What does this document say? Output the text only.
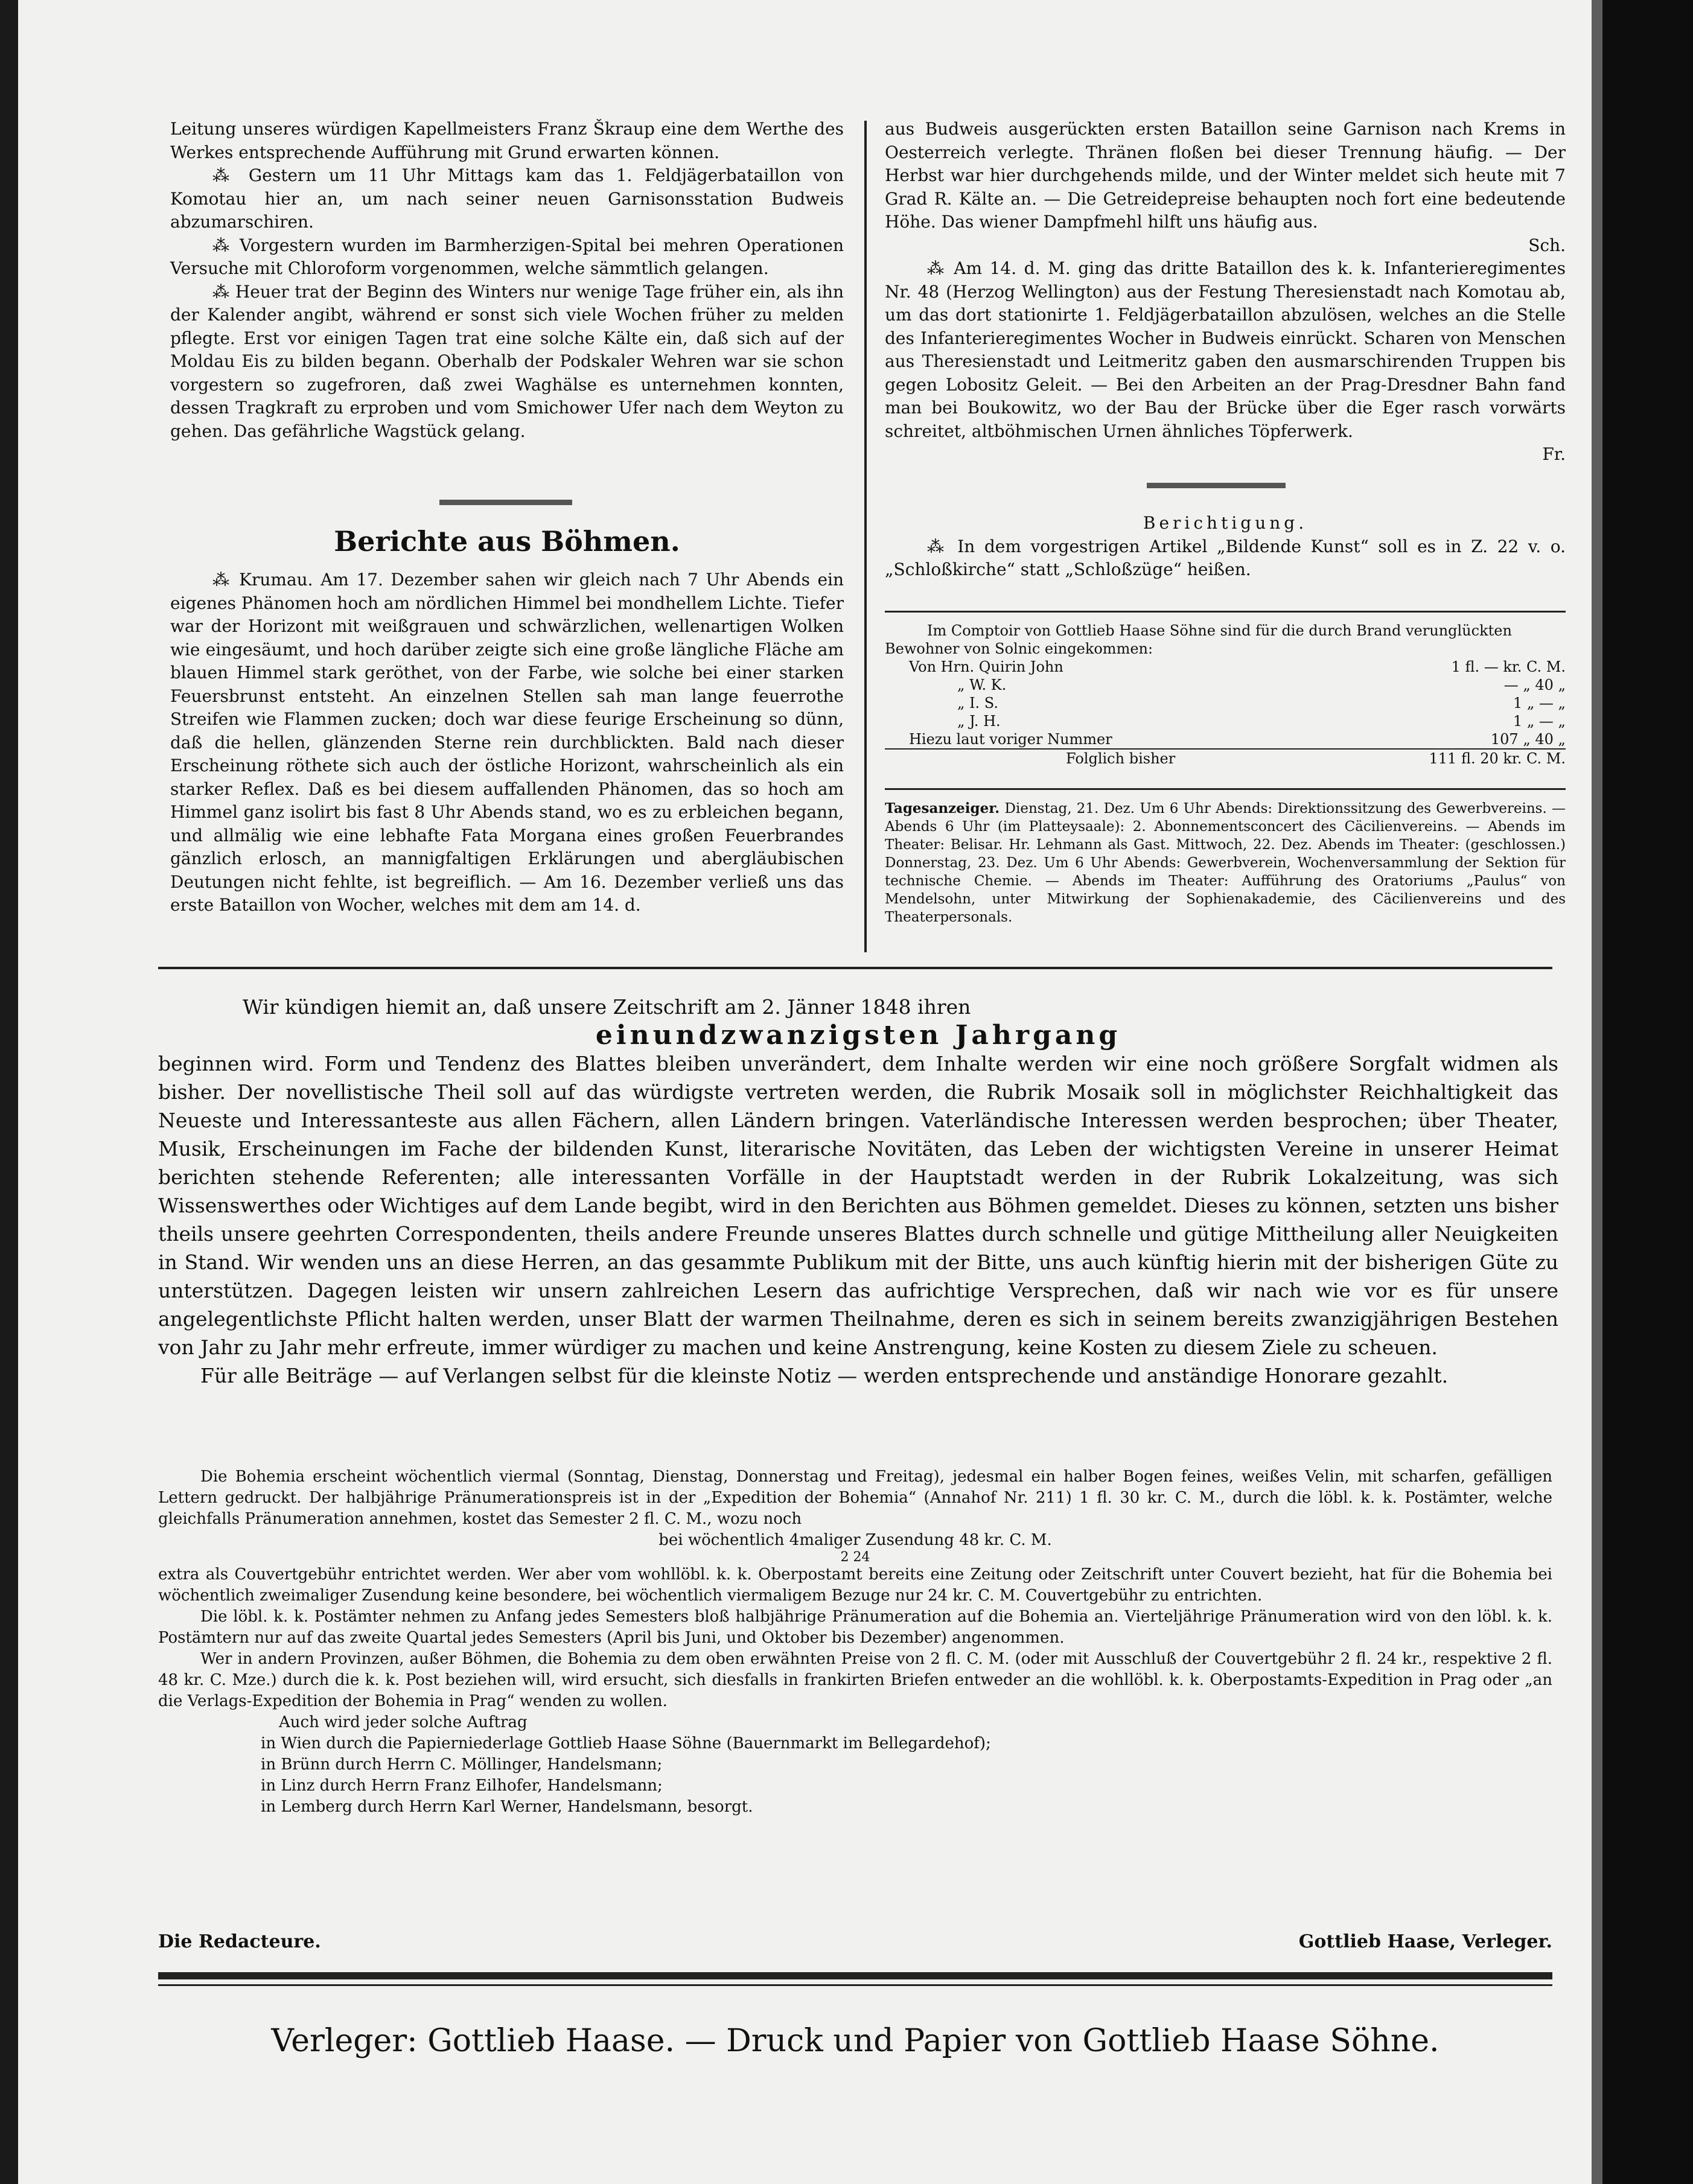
Leitung unseres würdigen Kapellmeisters Franz Škraup eine dem Werthe des Werkes entsprechende Aufführung mit Grund erwarten können.

⁂ Gestern um 11 Uhr Mittags kam das 1. Feldjägerbataillon von Komotau hier an, um nach seiner neuen Garnisonsstation Budweis abzumarschiren.

⁂ Vorgestern wurden im Barmherzigen-Spital bei mehren Operationen Versuche mit Chloroform vorgenommen, welche sämmtlich gelangen.

⁂ Heuer trat der Beginn des Winters nur wenige Tage früher ein, als ihn der Kalender angibt, während er sonst sich viele Wochen früher zu melden pflegte. Erst vor einigen Tagen trat eine solche Kälte ein, daß sich auf der Moldau Eis zu bilden begann. Oberhalb der Podskaler Wehren war sie schon vorgestern so zugefroren, daß zwei Waghälse es unternehmen konnten, dessen Tragkraft zu erproben und vom Smichower Ufer nach dem Weyton zu gehen. Das gefährliche Wagstück gelang.

Berichte aus Böhmen.

⁂ Krumau. Am 17. Dezember sahen wir gleich nach 7 Uhr Abends ein eigenes Phänomen hoch am nördlichen Himmel bei mondhellem Lichte. Tiefer war der Horizont mit weißgrauen und schwärzlichen, wellenartigen Wolken wie eingesäumt, und hoch darüber zeigte sich eine große längliche Fläche am blauen Himmel stark geröthet, von der Farbe, wie solche bei einer starken Feuersbrunst entsteht. An einzelnen Stellen sah man lange feuerrothe Streifen wie Flammen zucken; doch war diese feurige Erscheinung so dünn, daß die hellen, glänzenden Sterne rein durchblickten. Bald nach dieser Erscheinung röthete sich auch der östliche Horizont, wahrscheinlich als ein starker Reflex. Daß es bei diesem auffallenden Phänomen, das so hoch am Himmel ganz isolirt bis fast 8 Uhr Abends stand, wo es zu erbleichen begann, und allmälig wie eine lebhafte Fata Morgana eines großen Feuerbrandes gänzlich erlosch, an mannigfaltigen Erklärungen und abergläubischen Deutungen nicht fehlte, ist begreiflich. — Am 16. Dezember verließ uns das erste Bataillon von Wocher, welches mit dem am 14. d.

aus Budweis ausgerückten ersten Bataillon seine Garnison nach Krems in Oesterreich verlegte. Thränen floßen bei dieser Trennung häufig. — Der Herbst war hier durchgehends milde, und der Winter meldet sich heute mit 7 Grad R. Kälte an. — Die Getreidepreise behaupten noch fort eine bedeutende Höhe. Das wiener Dampfmehl hilft uns häufig aus.

Sch.

⁂ Am 14. d. M. ging das dritte Bataillon des k. k. Infanterieregimentes Nr. 48 (Herzog Wellington) aus der Festung Theresienstadt nach Komotau ab, um das dort stationirte 1. Feldjägerbataillon abzulösen, welches an die Stelle des Infanterieregimentes Wocher in Budweis einrückt. Scharen von Menschen aus Theresienstadt und Leitmeritz gaben den ausmarschirenden Truppen bis gegen Lobositz Geleit. — Bei den Arbeiten an der Prag-Dresdner Bahn fand man bei Boukowitz, wo der Bau der Brücke über die Eger rasch vorwärts schreitet, altböhmischen Urnen ähnliches Töpferwerk.

Fr.

Berichtigung.

⁂ In dem vorgestrigen Artikel „Bildende Kunst“ soll es in Z. 22 v. o. „Schloßkirche“ statt „Schloßzüge“ heißen.

Im Comptoir von Gottlieb Haase Söhne sind für die durch Brand verunglückten Bewohner von Solnic eingekommen:
Von Hrn. Quirin John	1 fl. — kr. C. M.
„ W. K.	— „ 40 „
„ I. S.	1 „ — „
„ J. H.	1 „ — „
Hiezu laut voriger Nummer	107 „ 40 „
Folglich bisher	111 fl. 20 kr. C. M.
Tagesanzeiger. Dienstag, 21. Dez. Um 6 Uhr Abends: Direktionssitzung des Gewerbvereins. — Abends 6 Uhr (im Platteysaale): 2. Abonnementsconcert des Cäcilienvereins. — Abends im Theater: Belisar. Hr. Lehmann als Gast. Mittwoch, 22. Dez. Abends im Theater: (geschlossen.) Donnerstag, 23. Dez. Um 6 Uhr Abends: Gewerbverein, Wochenversammlung der Sektion für technische Chemie. — Abends im Theater: Aufführung des Oratoriums „Paulus“ von Mendelsohn, unter Mitwirkung der Sophienakademie, des Cäcilienvereins und des Theaterpersonals.

Wir kündigen hiemit an, daß unsere Zeitschrift am 2. Jänner 1848 ihren

einundzwanzigsten Jahrgang

beginnen wird. Form und Tendenz des Blattes bleiben unverändert, dem Inhalte werden wir eine noch größere Sorgfalt widmen als bisher. Der novellistische Theil soll auf das würdigste vertreten werden, die Rubrik Mosaik soll in möglichster Reichhaltigkeit das Neueste und Interessanteste aus allen Fächern, allen Ländern bringen. Vaterländische Interessen werden besprochen; über Theater, Musik, Erscheinungen im Fache der bildenden Kunst, literarische Novitäten, das Leben der wichtigsten Vereine in unserer Heimat berichten stehende Referenten; alle interessanten Vorfälle in der Hauptstadt werden in der Rubrik Lokalzeitung, was sich Wissenswerthes oder Wichtiges auf dem Lande begibt, wird in den Berichten aus Böhmen gemeldet. Dieses zu können, setzten uns bisher theils unsere geehrten Correspondenten, theils andere Freunde unseres Blattes durch schnelle und gütige Mittheilung aller Neuigkeiten in Stand. Wir wenden uns an diese Herren, an das gesammte Publikum mit der Bitte, uns auch künftig hierin mit der bisherigen Güte zu unterstützen. Dagegen leisten wir unsern zahlreichen Lesern das aufrichtige Versprechen, daß wir nach wie vor es für unsere angelegentlichste Pflicht halten werden, unser Blatt der warmen Theilnahme, deren es sich in seinem bereits zwanzigjährigen Bestehen von Jahr zu Jahr mehr erfreute, immer würdiger zu machen und keine Anstrengung, keine Kosten zu diesem Ziele zu scheuen.

Für alle Beiträge — auf Verlangen selbst für die kleinste Notiz — werden entsprechende und anständige Honorare gezahlt.

Die Bohemia erscheint wöchentlich viermal (Sonntag, Dienstag, Donnerstag und Freitag), jedesmal ein halber Bogen feines, weißes Velin, mit scharfen, gefälligen Lettern gedruckt. Der halbjährige Pränumerationspreis ist in der „Expedition der Bohemia“ (Annahof Nr. 211) 1 fl. 30 kr. C. M., durch die löbl. k. k. Postämter, welche gleichfalls Pränumeration annehmen, kostet das Semester 2 fl. C. M., wozu noch

bei wöchentlich 4maliger Zusendung 48 kr. C. M.

2 24

extra als Couvertgebühr entrichtet werden. Wer aber vom wohllöbl. k. k. Oberpostamt bereits eine Zeitung oder Zeitschrift unter Couvert bezieht, hat für die Bohemia bei wöchentlich zweimaliger Zusendung keine besondere, bei wöchentlich viermaligem Bezuge nur 24 kr. C. M. Couvertgebühr zu entrichten.

Die löbl. k. k. Postämter nehmen zu Anfang jedes Semesters bloß halbjährige Pränumeration auf die Bohemia an. Vierteljährige Pränumeration wird von den löbl. k. k. Postämtern nur auf das zweite Quartal jedes Semesters (April bis Juni, und Oktober bis Dezember) angenommen.

Wer in andern Provinzen, außer Böhmen, die Bohemia zu dem oben erwähnten Preise von 2 fl. C. M. (oder mit Ausschluß der Couvertgebühr 2 fl. 24 kr., respektive 2 fl. 48 kr. C. Mze.) durch die k. k. Post beziehen will, wird ersucht, sich diesfalls in frankirten Briefen entweder an die wohllöbl. k. k. Oberpostamts-Expedition in Prag oder „an die Verlags-Expedition der Bohemia in Prag“ wenden zu wollen.

Auch wird jeder solche Auftrag

in Wien durch die Papierniederlage Gottlieb Haase Söhne (Bauernmarkt im Bellegardehof);

in Brünn durch Herrn C. Möllinger, Handelsmann;

in Linz durch Herrn Franz Eilhofer, Handelsmann;

in Lemberg durch Herrn Karl Werner, Handelsmann, besorgt.

Die Redacteure.	Gottlieb Haase, Verleger.
Verleger: Gottlieb Haase. — Druck und Papier von Gottlieb Haase Söhne.
